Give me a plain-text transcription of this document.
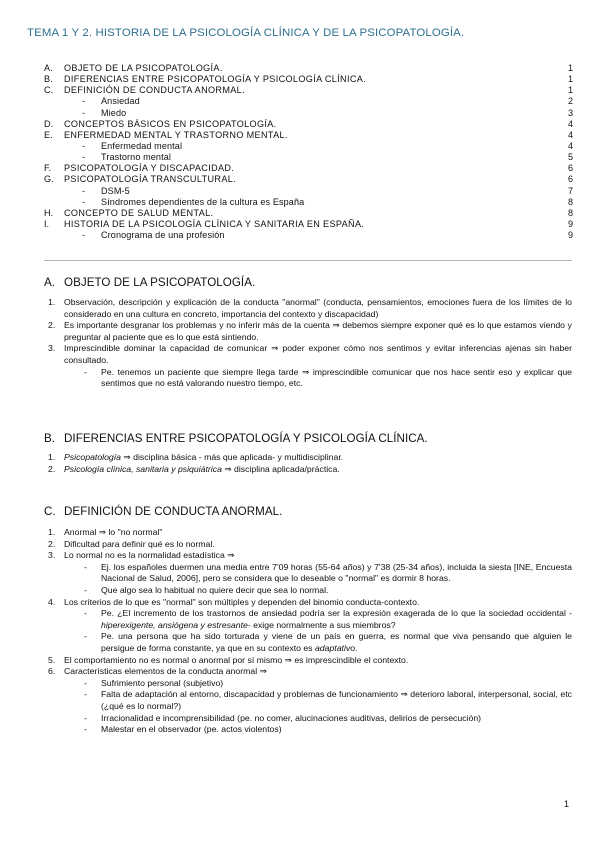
TEMA 1 Y 2. HISTORIA DE LA PSICOLOGÍA CLÍNICA Y DE LA PSICOPATOLOGÍA.
A.	OBJETO DE LA PSICOPATOLOGÍA.	1
B.	DIFERENCIAS ENTRE PSICOPATOLOGÍA Y PSICOLOGÍA CLÍNICA.	1
C.	DEFINICIÓN DE CONDUCTA ANORMAL.	1
- Ansiedad	2
- Miedo	3
D.	CONCEPTOS BÁSICOS EN PSICOPATOLOGÍA.	4
E.	ENFERMEDAD MENTAL Y TRASTORNO MENTAL.	4
- Enfermedad mental	4
- Trastorno mental	5
F.	PSICOPATOLOGÍA Y DISCAPACIDAD.	6
G.	PSICOPATOLOGÍA TRANSCULTURAL.	6
- DSM-5	7
- Síndromes dependientes de la cultura es España	8
H.	CONCEPTO DE SALUD MENTAL.	8
I.	HISTORIA DE LA PSICOLOGÍA CLÍNICA Y SANITARIA EN ESPAÑA.	9
- Cronograma de una profesión	9
A. OBJETO DE LA PSICOPATOLOGÍA.
1. Observación, descripción y explicación de la conducta "anormal" (conducta, pensamientos, emociones fuera de los límites de lo considerado en una cultura en concreto, importancia del contexto y discapacidad)
2. Es importante desgranar los problemas y no inferir más de la cuenta ⇒ debemos siempre exponer qué es lo que estamos viendo y preguntar al paciente que es lo que está sintiendo.
3. Imprescindible dominar la capacidad de comunicar ⇒ poder exponer cómo nos sentimos y evitar inferencias ajenas sin haber consultado.
- Pe. tenemos un paciente que siempre llega tarde ⇒ imprescindible comunicar que nos hace sentir eso y explicar que sentimos que no está valorando nuestro tiempo, etc.
B. DIFERENCIAS ENTRE PSICOPATOLOGÍA Y PSICOLOGÍA CLÍNICA.
1. Psicopatología ⇒ disciplina básica - más que aplicada- y multidisciplinar.
2. Psicología clínica, sanitaria y psiquiátrica ⇒ disciplina aplicada/práctica.
C. DEFINICIÓN DE CONDUCTA ANORMAL.
1. Anormal ⇒ lo "no normal"
2. Dificultad para definir qué es lo normal.
3. Lo normal no es la normalidad estadística ⇒
- Ej. los españoles duermen una media entre 7'09 horas (55-64 años) y 7'38 (25-34 años), incluida la siesta [INE, Encuesta Nacional de Salud, 2006], pero se considera que lo deseable o "normal" es dormir 8 horas.
- Que algo sea lo habitual no quiere decir que sea lo normal.
4. Los criterios de lo que es "normal" son múltiples y dependen del binomio conducta-contexto.
- Pe. ¿El incremento de los trastornos de ansiedad podría ser la expresión exagerada de lo que la sociedad occidental -hiperexigente, ansiógena y estresante- exige normalmente a sus miembros?
- Pe. una persona que ha sido torturada y viene de un país en guerra, es normal que viva pensando que alguien le persigue de forma constante, ya que en su contexto es adaptativo.
5. El comportamiento no es normal o anormal por sí mismo ⇒ es imprescindible el contexto.
6. Características elementos de la conducta anormal ⇒
- Sufrimiento personal (subjetivo)
- Falta de adaptación al entorno, discapacidad y problemas de funcionamiento ⇒ deterioro laboral, interpersonal, social, etc (¿qué es lo normal?)
- Irracionalidad e incomprensibilidad (pe. no comer, alucinaciones auditivas, delirios de persecución)
- Malestar en el observador (pe. actos violentos)
1
